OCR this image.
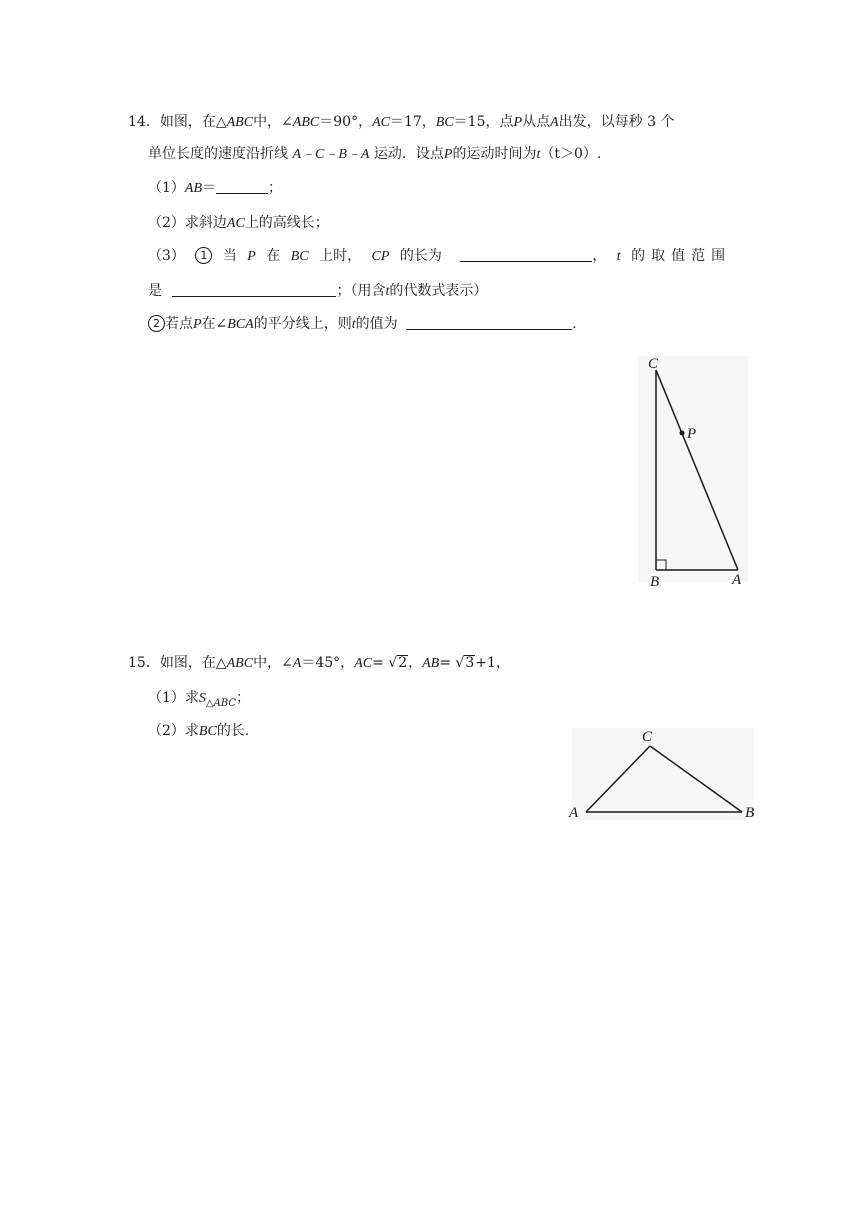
14．如图，在△ABC中，∠ABC＝90°，AC＝17，BC＝15，点P从点A出发，以每秒 3 个
单位长度的速度沿折线 A﹣C﹣B﹣A 运动．设点P的运动时间为t（t＞0）.
（1）AB＝	；
（2）求斜边AC上的高线长；
（3） 1 当 P 在 BC 上时， CP 的长为	， t 的取值范围
是	；（用含t的代数式表示）
2 若点P在∠BCA的平分线上，则t的值为	.
C
P
B	A
15．如图，在△ABC中，∠A＝45°，AC= √2，AB= √3+1，
（1）求$S_{\triangle ABC}$；
（2）求BC的长.	C
A	B
